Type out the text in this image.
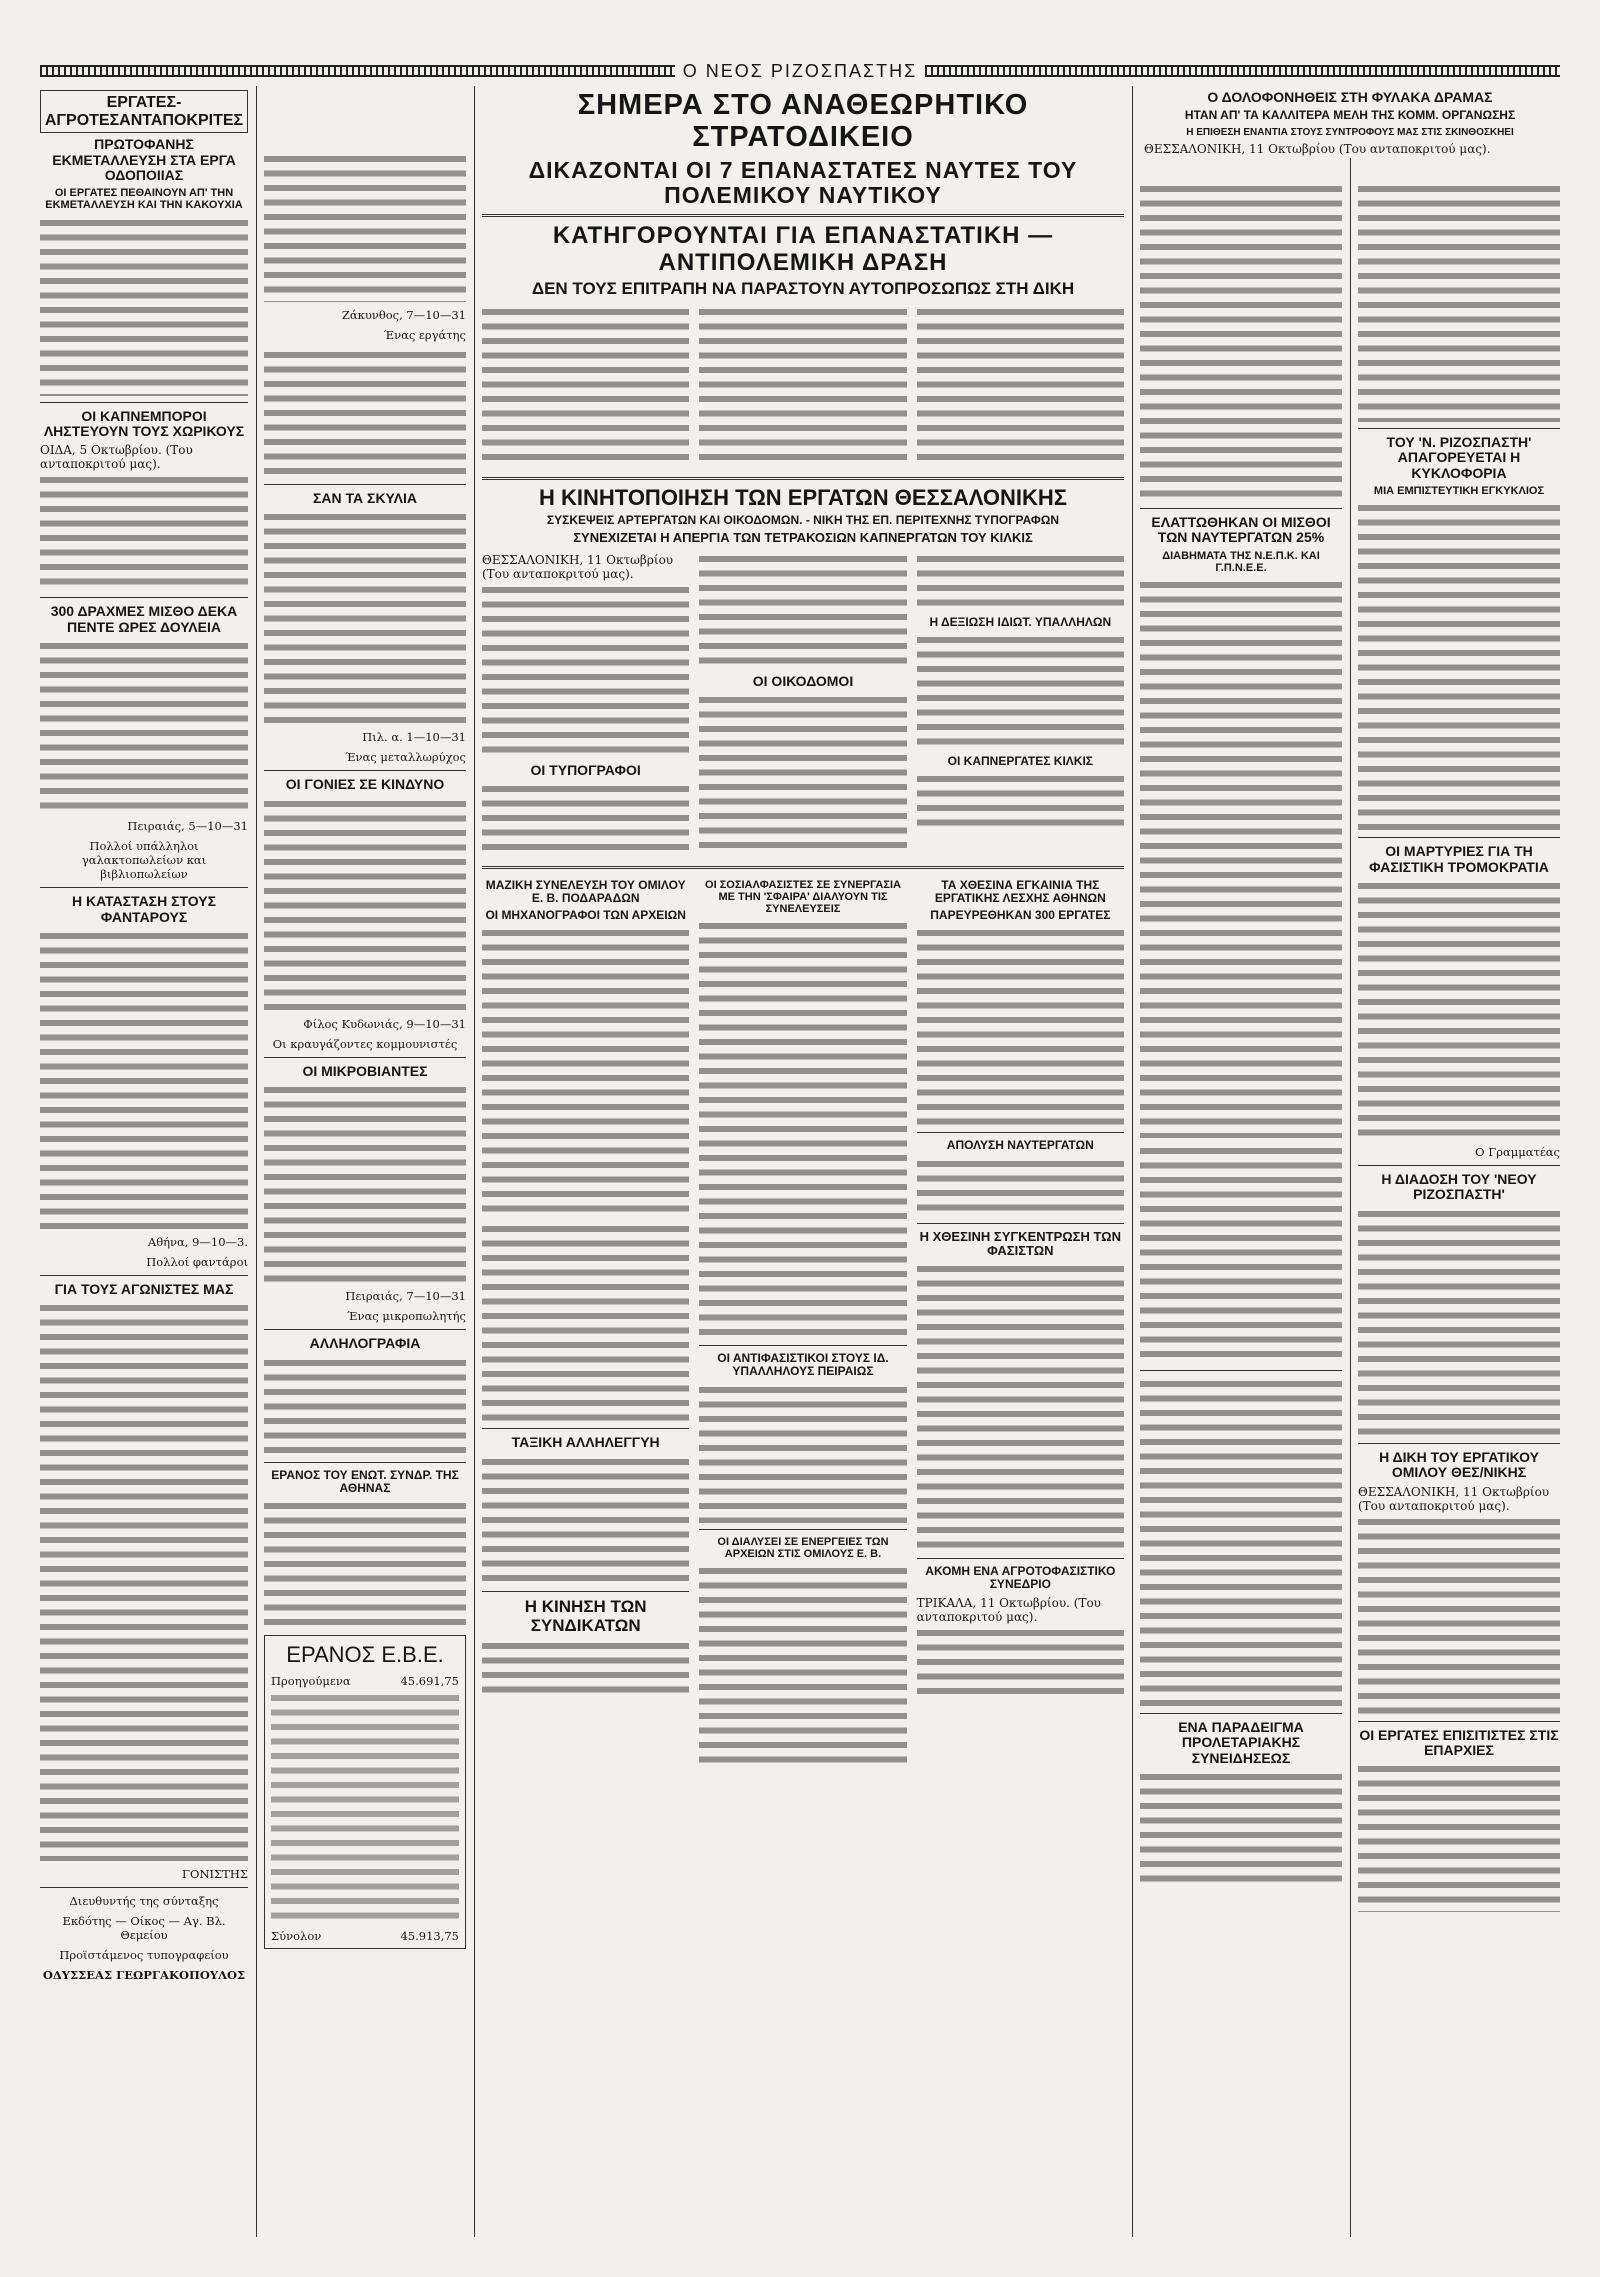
Ο ΝΕΟΣ ΡΙΖΟΣΠΑΣΤΗΣ
ΕΡΓΑΤΕΣ-ΑΓΡΟΤΕΣΑΝΤΑΠΟΚΡΙΤΕΣ
ΠΡΩΤΟΦΑΝΗΣ ΕΚΜΕΤΑΛΛΕΥΣΗ ΣΤΑ ΕΡΓΑ ΟΔΟΠΟΙΙΑΣ
ΟΙ ΕΡΓΑΤΕΣ ΠΕΘΑΙΝΟΥΝ ΑΠ' ΤΗΝ ΕΚΜΕΤΑΛΛΕΥΣΗ ΚΑΙ ΤΗΝ ΚΑΚΟΥΧΙΑ
ΟΙ ΚΑΠΝΕΜΠΟΡΟΙ ΛΗΣΤΕΥΟΥΝ ΤΟΥΣ ΧΩΡΙΚΟΥΣ

ΟΙΔΑ, 5 Οκτωβρίου. (Του ανταποκριτού μας).

300 ΔΡΑΧΜΕΣ ΜΙΣΘΟ ΔΕΚΑ ΠΕΝΤΕ ΩΡΕΣ ΔΟΥΛΕΙΑ

Πειραιάς, 5—10—31

Πολλοί υπάλληλοι γαλακτοπωλείων και βιβλιοπωλείων

Η ΚΑΤΑΣΤΑΣΗ ΣΤΟΥΣ ΦΑΝΤΑΡΟΥΣ

Αθήνα, 9—10—3.

Πολλοί φαντάροι

ΓΙΑ ΤΟΥΣ ΑΓΩΝΙΣΤΕΣ ΜΑΣ

ΓΟΝΙΣΤΗΣ

Διευθυντής της σύνταξης

Εκδότης — Οίκος — Αγ. Βλ. Θεμείου

Προϊστάμενος τυπογραφείου

ΟΔΥΣΣΕΑΣ ΓΕΩΡΓΑΚΟΠΟΥΛΟΣ

Ζάκυνθος, 7—10—31

Ένας εργάτης

ΣΑΝ ΤΑ ΣΚΥΛΙΑ

Πιλ. α. 1—10—31

Ένας μεταλλωρύχος

ΟΙ ΓΟΝΙΕΣ ΣΕ ΚΙΝΔΥΝΟ

Φίλος Κυδωνιάς, 9—10—31

Οι κραυγάζοντες κομμουνιστές

ΟΙ ΜΙΚΡΟΒΙΑΝΤΕΣ

Πειραιάς, 7—10—31

Ένας μικροπωλητής

ΑΛΛΗΛΟΓΡΑΦΙΑ
ΕΡΑΝΟΣ ΤΟΥ ΕΝΩΤ. ΣΥΝΔΡ. ΤΗΣ ΑΘΗΝΑΣ
ΕΡΑΝΟΣ Ε.Β.Ε.
Προηγούμενα	45.691,75
Σύνολον	45.913,75
ΣΗΜΕΡΑ ΣΤΟ ΑΝΑΘΕΩΡΗΤΙΚΟ ΣΤΡΑΤΟΔΙΚΕΙΟ
ΔΙΚΑΖΟΝΤΑΙ ΟΙ 7 ΕΠΑΝΑΣΤΑΤΕΣ ΝΑΥΤΕΣ ΤΟΥ ΠΟΛΕΜΙΚΟΥ ΝΑΥΤΙΚΟΥ
ΚΑΤΗΓΟΡΟΥΝΤΑΙ ΓΙΑ ΕΠΑΝΑΣΤΑΤΙΚΗ — ΑΝΤΙΠΟΛΕΜΙΚΗ ΔΡΑΣΗ
ΔΕΝ ΤΟΥΣ ΕΠΙΤΡΑΠΗ ΝΑ ΠΑΡΑΣΤΟΥΝ ΑΥΤΟΠΡΟΣΩΠΩΣ ΣΤΗ ΔΙΚΗ
Η ΚΙΝΗΤΟΠΟΙΗΣΗ ΤΩΝ ΕΡΓΑΤΩΝ ΘΕΣΣΑΛΟΝΙΚΗΣ
ΣΥΣΚΕΨΕΙΣ ΑΡΤΕΡΓΑΤΩΝ ΚΑΙ ΟΙΚΟΔΟΜΩΝ. - ΝΙΚΗ ΤΗΣ ΕΠ. ΠΕΡΙΤΕΧΝΗΣ ΤΥΠΟΓΡΑΦΩΝ
ΣΥΝΕΧΙΖΕΤΑΙ Η ΑΠΕΡΓΙΑ ΤΩΝ ΤΕΤΡΑΚΟΣΙΩΝ ΚΑΠΝΕΡΓΑΤΩΝ ΤΟΥ ΚΙΛΚΙΣ

ΘΕΣΣΑΛΟΝΙΚΗ, 11 Οκτωβρίου (Του ανταποκριτού μας).

ΟΙ ΤΥΠΟΓΡΑΦΟΙ
ΟΙ ΟΙΚΟΔΟΜΟΙ
Η ΔΕΞΙΩΣΗ ΙΔΙΩΤ. ΥΠΑΛΛΗΛΩΝ
ΟΙ ΚΑΠΝΕΡΓΑΤΕΣ ΚΙΛΚΙΣ
ΜΑΖΙΚΗ ΣΥΝΕΛΕΥΣΗ ΤΟΥ ΟΜΙΛΟΥ Ε. Β. ΠΟΔΑΡΑΔΩΝ
ΟΙ ΜΗΧΑΝΟΓΡΑΦΟΙ ΤΩΝ ΑΡΧΕΙΩΝ
ΤΑΞΙΚΗ ΑΛΛΗΛΕΓΓΥΗ
Η ΚΙΝΗΣΗ ΤΩΝ ΣΥΝΔΙΚΑΤΩΝ
ΟΙ ΣΟΣΙΑΛΦΑΣΙΣΤΕΣ ΣΕ ΣΥΝΕΡΓΑΣΙΑ ΜΕ ΤΗΝ 'ΣΦΑΙΡΑ' ΔΙΑΛΥΟΥΝ ΤΙΣ ΣΥΝΕΛΕΥΣΕΙΣ
ΟΙ ΑΝΤΙΦΑΣΙΣΤΙΚΟΙ ΣΤΟΥΣ ΙΔ. ΥΠΑΛΛΗΛΟΥΣ ΠΕΙΡΑΙΩΣ
ΟΙ ΔΙΑΛΥΣΕΙ ΣΕ ΕΝΕΡΓΕΙΕΣ ΤΩΝ ΑΡΧΕΙΩΝ ΣΤΙΣ ΟΜΙΛΟΥΣ Ε. Β.
ΤΑ ΧΘΕΣΙΝΑ ΕΓΚΑΙΝΙΑ ΤΗΣ ΕΡΓΑΤΙΚΗΣ ΛΕΣΧΗΣ ΑΘΗΝΩΝ
ΠΑΡΕΥΡΕΘΗΚΑΝ 300 ΕΡΓΑΤΕΣ
ΑΠΟΛΥΣΗ ΝΑΥΤΕΡΓΑΤΩΝ
Η ΧΘΕΣΙΝΗ ΣΥΓΚΕΝΤΡΩΣΗ ΤΩΝ ΦΑΣΙΣΤΩΝ
ΑΚΟΜΗ ΕΝΑ ΑΓΡΟΤΟΦΑΣΙΣΤΙΚΟ ΣΥΝΕΔΡΙΟ

ΤΡΙΚΑΛΑ, 11 Οκτωβρίου. (Του ανταποκριτού μας).

ΕΛΑΤΤΩΘΗΚΑΝ ΟΙ ΜΙΣΘΟΙ ΤΩΝ ΝΑΥΤΕΡΓΑΤΩΝ 25%
ΔΙΑΒΗΜΑΤΑ ΤΗΣ Ν.Ε.Π.Κ. ΚΑΙ Γ.Π.Ν.Ε.Ε.
ΕΝΑ ΠΑΡΑΔΕΙΓΜΑ ΠΡΟΛΕΤΑΡΙΑΚΗΣ ΣΥΝΕΙΔΗΣΕΩΣ
ΤΟΥ 'Ν. ΡΙΖΟΣΠΑΣΤΗ' ΑΠΑΓΟΡΕΥΕΤΑΙ Η ΚΥΚΛΟΦΟΡΙΑ
ΜΙΑ ΕΜΠΙΣΤΕΥΤΙΚΗ ΕΓΚΥΚΛΙΟΣ
ΟΙ ΜΑΡΤΥΡΙΕΣ ΓΙΑ ΤΗ ΦΑΣΙΣΤΙΚΗ ΤΡΟΜΟΚΡΑΤΙΑ

Ο Γραμματέας

Η ΔΙΑΔΟΣΗ ΤΟΥ 'ΝΕΟΥ ΡΙΖΟΣΠΑΣΤΗ'
Η ΔΙΚΗ ΤΟΥ ΕΡΓΑΤΙΚΟΥ ΟΜΙΛΟΥ ΘΕΣ/ΝΙΚΗΣ

ΘΕΣΣΑΛΟΝΙΚΗ, 11 Οκτωβρίου (Του ανταποκριτού μας).

ΟΙ ΕΡΓΑΤΕΣ ΕΠΙΣΙΤΙΣΤΕΣ ΣΤΙΣ ΕΠΑΡΧΙΕΣ
Ο ΔΟΛΟΦΟΝΗΘΕΙΣ ΣΤΗ ΦΥΛΑΚΑ ΔΡΑΜΑΣ
ΗΤΑΝ ΑΠ' ΤΑ ΚΑΛΛΙΤΕΡΑ ΜΕΛΗ ΤΗΣ ΚΟΜΜ. ΟΡΓΑΝΩΣΗΣ
Η ΕΠΙΘΕΣΗ ΕΝΑΝΤΙΑ ΣΤΟΥΣ ΣΥΝΤΡΟΦΟΥΣ ΜΑΣ ΣΤΙΣ ΣΚΙΝΘΟΣΚΗΕΙ

ΘΕΣΣΑΛΟΝΙΚΗ, 11 Οκτωβρίου (Του ανταποκριτού μας).
